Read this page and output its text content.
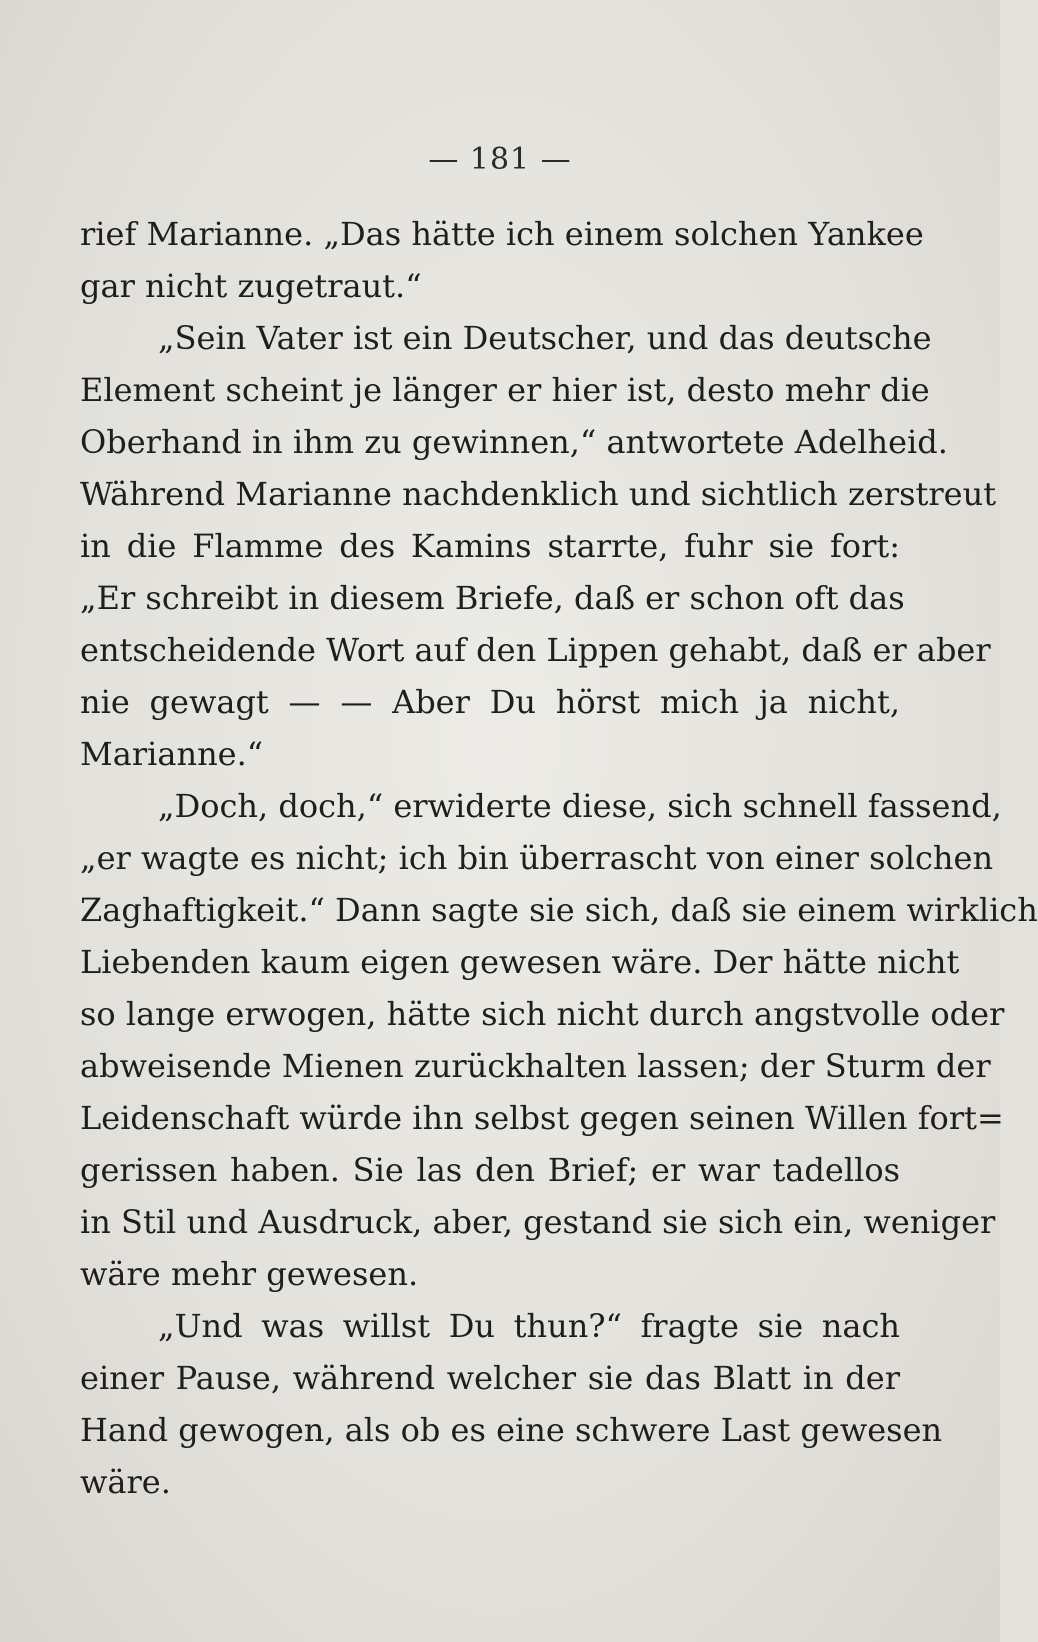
— 181 —
rief Marianne. „Das hätte ich einem solchen Yankee
gar nicht zugetraut.“
„Sein Vater ist ein Deutscher, und das deutsche
Element scheint je länger er hier ist, desto mehr die
Oberhand in ihm zu gewinnen,“ antwortete Adelheid.
Während Marianne nachdenklich und sichtlich zerstreut
in die Flamme des Kamins starrte, fuhr sie fort:
„Er schreibt in diesem Briefe, daß er schon oft das
entscheidende Wort auf den Lippen gehabt, daß er aber
nie gewagt — — Aber Du hörst mich ja nicht,
Marianne.“
„Doch, doch,“ erwiderte diese, sich schnell fassend,
„er wagte es nicht; ich bin überrascht von einer solchen
Zaghaftigkeit.“ Dann sagte sie sich, daß sie einem wirklich
Liebenden kaum eigen gewesen wäre. Der hätte nicht
so lange erwogen, hätte sich nicht durch angstvolle oder
abweisende Mienen zurückhalten lassen; der Sturm der
Leidenschaft würde ihn selbst gegen seinen Willen fort=
gerissen haben. Sie las den Brief; er war tadellos
in Stil und Ausdruck, aber, gestand sie sich ein, weniger
wäre mehr gewesen.
„Und was willst Du thun?“ fragte sie nach
einer Pause, während welcher sie das Blatt in der
Hand gewogen, als ob es eine schwere Last gewesen
wäre.
